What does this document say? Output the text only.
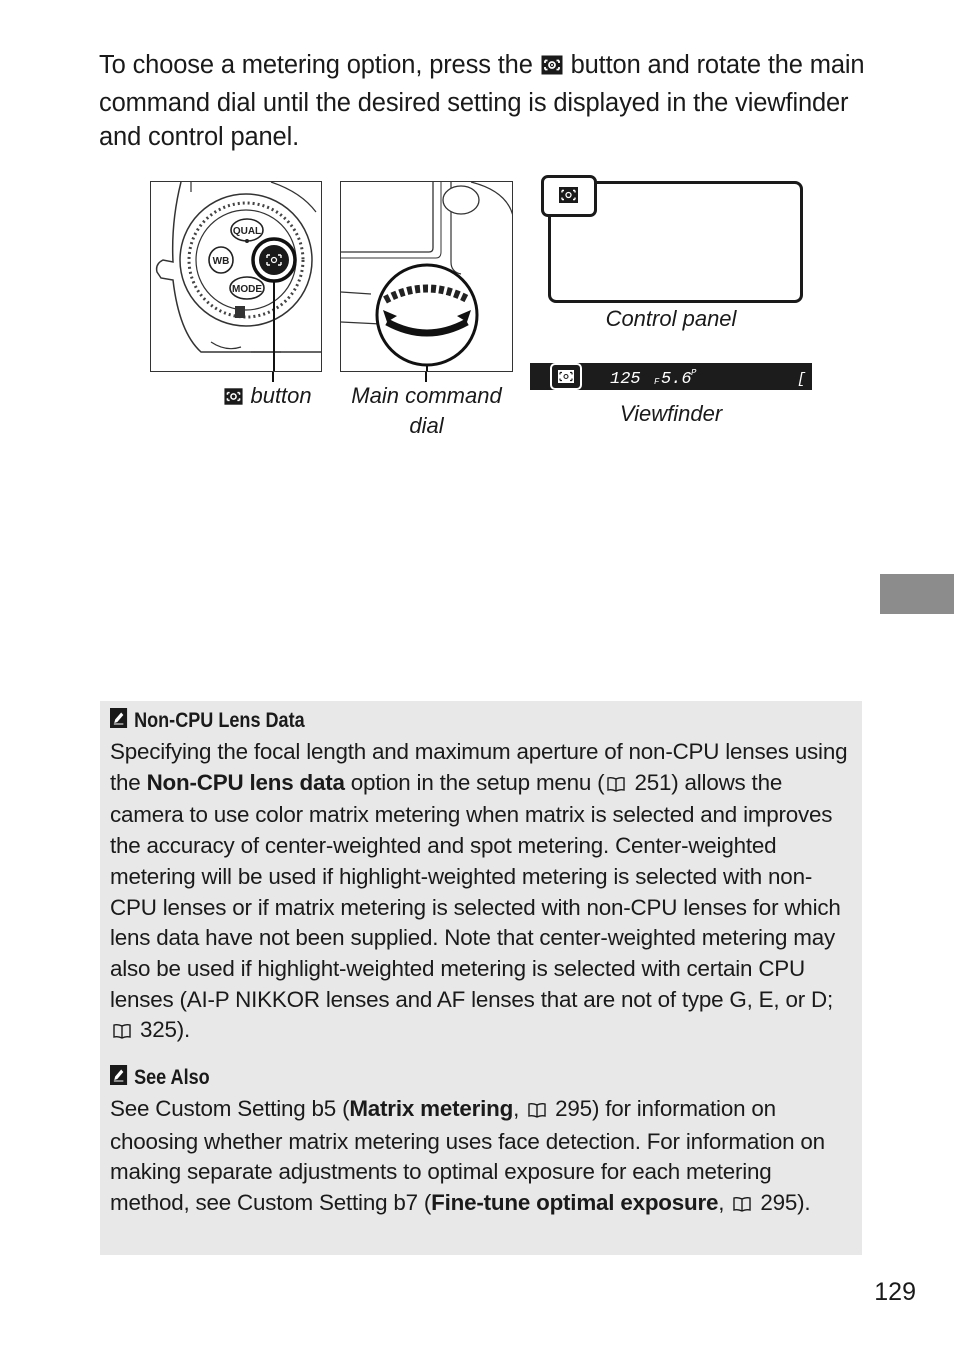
To choose a metering option, press the button and rotate the main command dial until the desired setting is displayed in the viewfinder and control panel.

QUAL
WB
MODE
button	Main command dial
Control panel
125 F 5.6 P	[
Viewfinder
Non-CPU Lens Data

Specifying the focal length and maximum aperture of non-CPU lenses using the Non-CPU lens data option in the setup menu ( 251) allows the camera to use color matrix metering when matrix is selected and improves the accuracy of center-weighted and spot metering. Center-weighted metering will be used if highlight-weighted metering is selected with non-CPU lenses or if matrix metering is selected with non-CPU lenses for which lens data have not been supplied. Note that center-weighted metering may also be used if highlight-weighted metering is selected with certain CPU lenses (AI-P NIKKOR lenses and AF lenses that are not of type G, E, or D;  325).

See Also

See Custom Setting b5 (Matrix metering, 295) for information on choosing whether matrix metering uses face detection. For information on making separate adjustments to optimal exposure for each metering method, see Custom Setting b7 (Fine-tune optimal exposure, 295).

129
